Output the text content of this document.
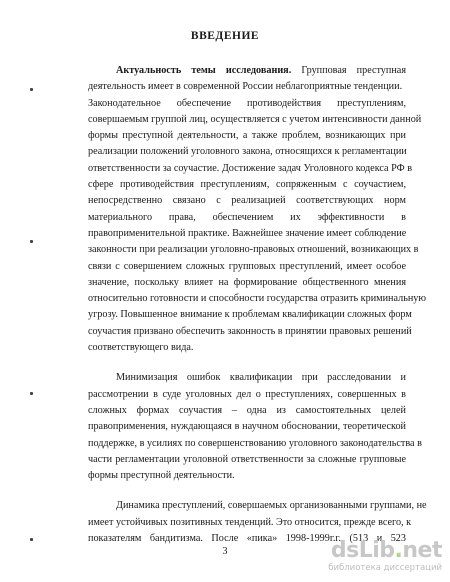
ВВЕДЕНИЕ
Актуальность темы исследования. Групповая преступная
деятельность имеет в современной России неблагоприятные тенденции.
Законодательное обеспечение противодействия преступлениям,
совершаемым группой лиц, осуществляется с учетом интенсивности данной
формы преступной деятельности, а также проблем, возникающих при
реализации положений уголовного закона, относящихся к регламентации
ответственности за соучастие. Достижение задач Уголовного кодекса РФ в
сфере противодействия преступлениям, сопряженным с соучастием,
непосредственно связано с реализацией соответствующих норм
материального права, обеспечением их эффективности в
правоприменительной практике. Важнейшее значение имеет соблюдение
законности при реализации уголовно-правовых отношений, возникающих в
связи с совершением сложных групповых преступлений, имеет особое
значение, поскольку влияет на формирование общественного мнения
относительно готовности и способности государства отразить криминальную
угрозу. Повышенное внимание к проблемам квалификации сложных форм
соучастия призвано обеспечить законность в принятии правовых решений
соответствующего вида.
Минимизация ошибок квалификации при расследовании и
рассмотрении в суде уголовных дел о преступлениях, совершенных в
сложных формах соучастия – одна из самостоятельных целей
правоприменения, нуждающаяся в научном обосновании, теоретической
поддержке, в усилиях по совершенствованию уголовного законодательства в
части регламентации уголовной ответственности за сложные групповые
формы преступной деятельности.
Динамика преступлений, совершаемых организованными группами, не
имеет устойчивых позитивных тенденций. Это относится, прежде всего, к
показателям бандитизма. После «пика» 1998-1999г.г. (513 и 523
3	dsLib.net
библиотека диссертаций
